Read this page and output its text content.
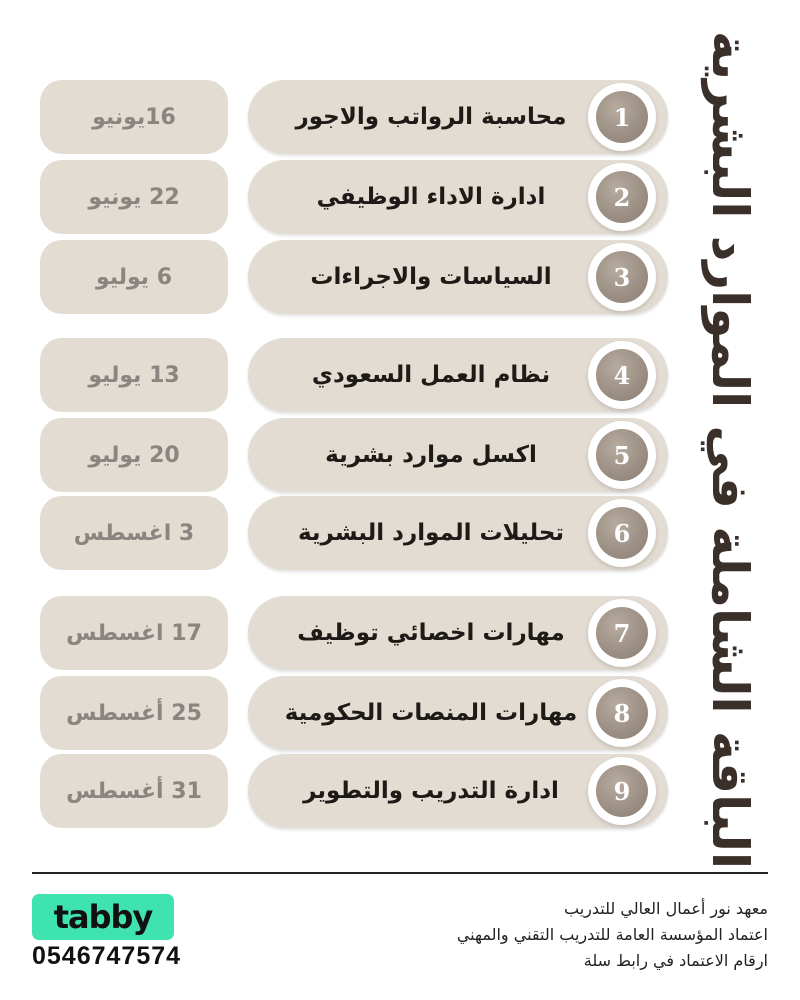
الباقة الشاملة في الموارد البشرية
16يونيو	محاسبة الرواتب والاجور	1
22 يونيو	ادارة الاداء الوظيفي	2
6 يوليو	السياسات والاجراءات	3
13 يوليو	نظام العمل السعودي	4
20 يوليو	اكسل موارد بشرية	5
3 اغسطس	تحليلات الموارد البشرية	6
17 اغسطس	مهارات اخصائي توظيف	7
25 أغسطس	مهارات المنصات الحكومية	8
31 أغسطس	ادارة التدريب والتطوير	9
tabby
0546747574
معهد نور أعمال العالي للتدريب
اعتماد المؤسسة العامة للتدريب التقني والمهني
ارقام الاعتماد في رابط سلة
